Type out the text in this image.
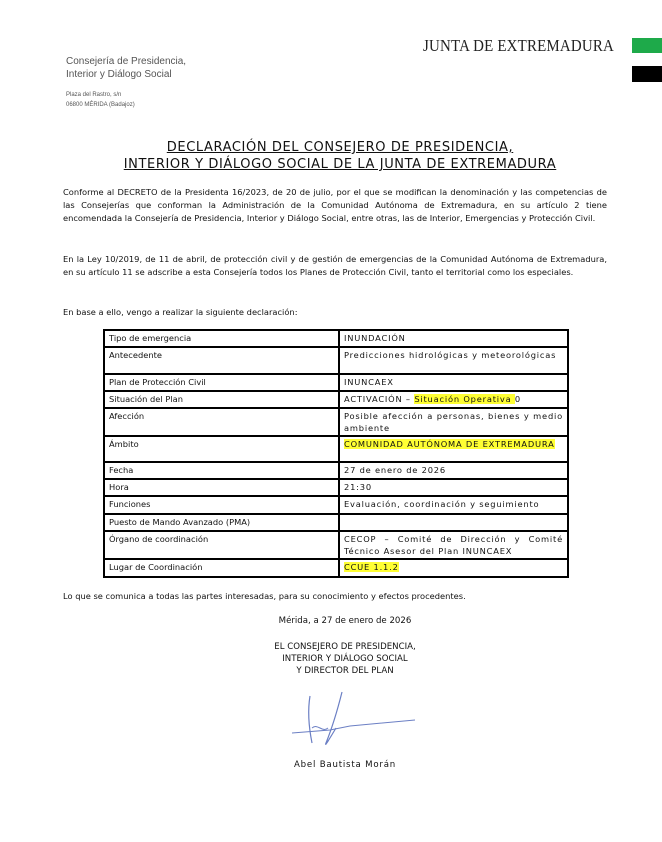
Consejería de Presidencia,
Interior y Diálogo Social
Plaza del Rastro, s/n
06800 MÉRIDA (Badajoz)
JUNTA DE EXTREMADURA
DECLARACIÓN DEL CONSEJERO DE PRESIDENCIA,
INTERIOR Y DIÁLOGO SOCIAL DE LA JUNTA DE EXTREMADURA
Conforme al DECRETO de la Presidenta 16/2023, de 20 de julio, por el que se modifican la denominación y las competencias de las Consejerías que conforman la Administración de la Comunidad Autónoma de Extremadura, en su artículo 2 tiene encomendada la Consejería de Presidencia, Interior y Diálogo Social, entre otras, las de Interior, Emergencias y Protección Civil.
En la Ley 10/2019, de 11 de abril, de protección civil y de gestión de emergencias de la Comunidad Autónoma de Extremadura, en su artículo 11 se adscribe a esta Consejería todos los Planes de Protección Civil, tanto el territorial como los especiales.
En base a ello, vengo a realizar la siguiente declaración:
Tipo de emergencia	INUNDACIÓN
Antecedente	Predicciones hidrológicas y meteorológicas
Plan de Protección Civil	INUNCAEX
Situación del Plan	ACTIVACIÓN – Situación Operativa 0
Afección	Posible afección a personas, bienes y medio ambiente
Ámbito	COMUNIDAD AUTÓNOMA DE EXTREMADURA
Fecha	27 de enero de 2026
Hora	21:30
Funciones	Evaluación, coordinación y seguimiento
Puesto de Mando Avanzado (PMA)	
Órgano de coordinación	CECOP – Comité de Dirección y Comité Técnico Asesor del Plan INUNCAEX
Lugar de Coordinación	CCUE 1.1.2
Lo que se comunica a todas las partes interesadas, para su conocimiento y efectos procedentes.
Mérida, a 27 de enero de 2026
EL CONSEJERO DE PRESIDENCIA,
INTERIOR Y DIÁLOGO SOCIAL
Y DIRECTOR DEL PLAN
Abel Bautista Morán
